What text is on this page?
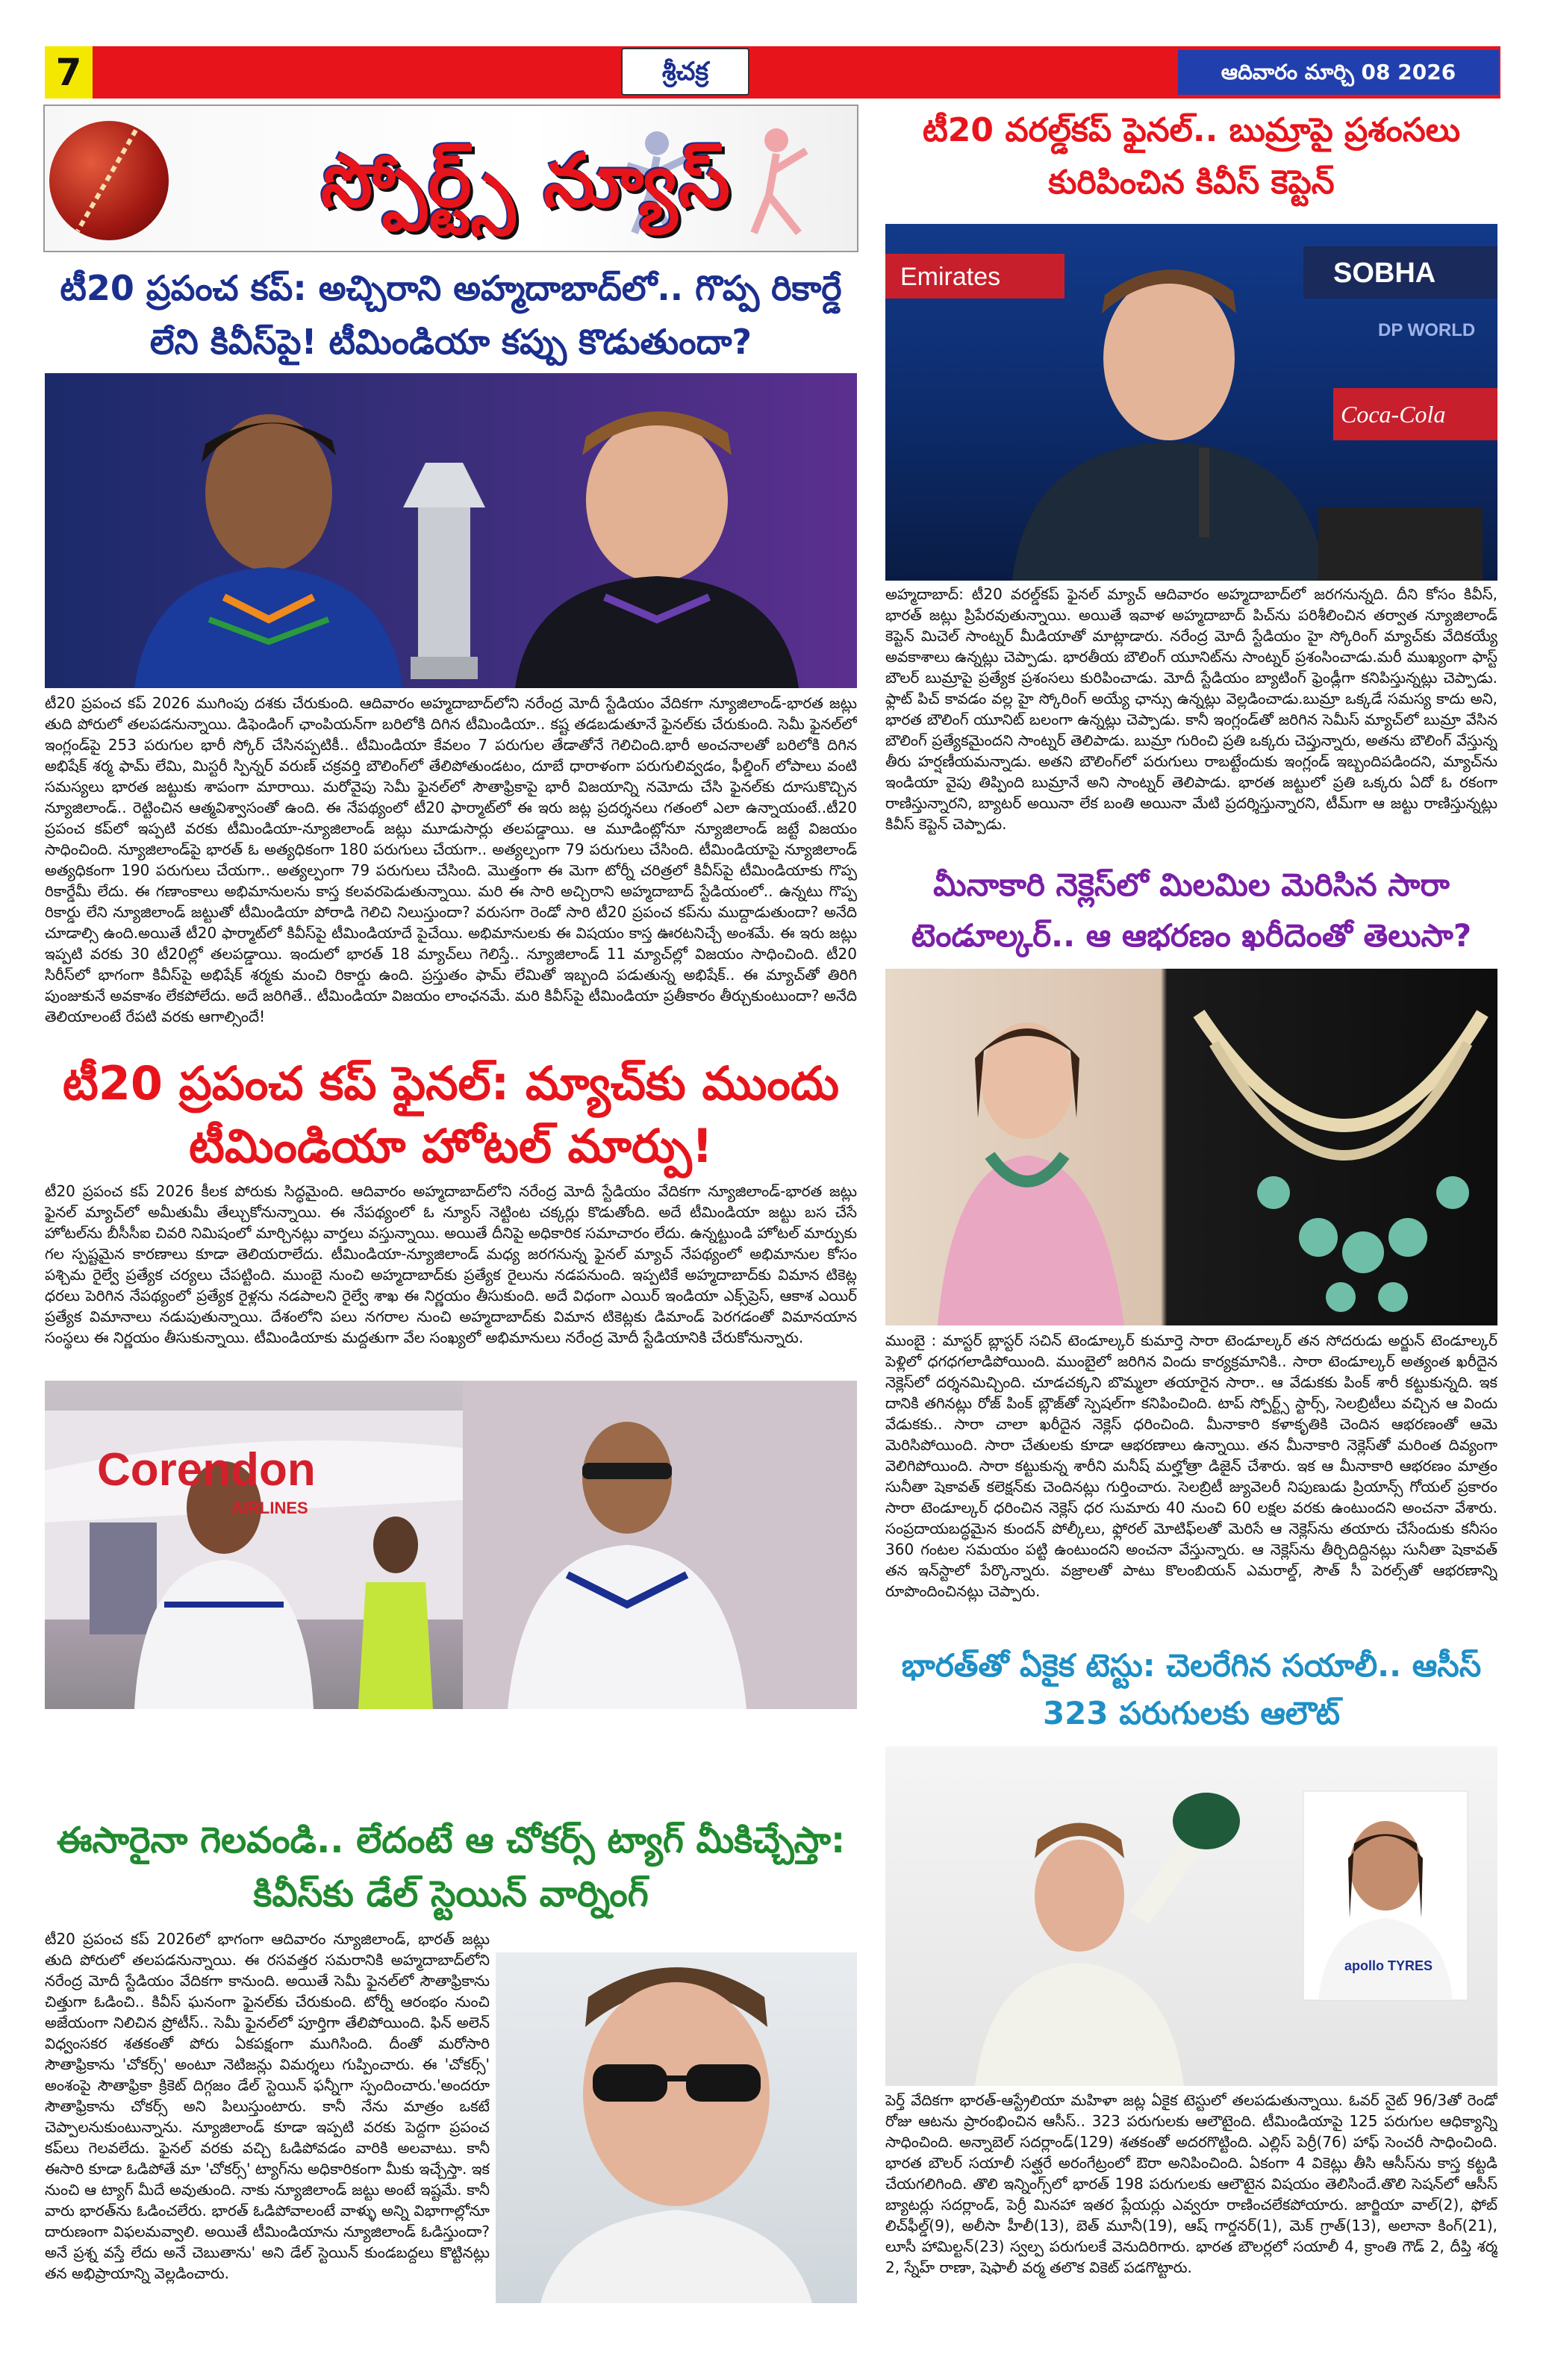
7	శ్రీచక్ర	ఆదివారం మార్చి 08 2026
స్పోర్ట్స్ న్యూస్
టీ20 ప్రపంచ కప్: అచ్చిరాని అహ్మదాబాద్‌లో.. గొప్ప రికార్డే లేని కివీస్‌పై! టీమిండియా కప్పు కొడుతుందా?
టీ20 ప్రపంచ కప్ 2026 ముగింపు దశకు చేరుకుంది. ఆదివారం అహ్మదాబాద్‌లోని నరేంద్ర మోదీ స్టేడియం వేదికగా న్యూజిలాండ్-భారత జట్లు తుది పోరులో తలపడనున్నాయి. డిఫెండింగ్ ఛాంపియన్‌గా బరిలోకి దిగిన టీమిండియా.. కష్ట తడబడుతూనే ఫైనల్‌కు చేరుకుంది. సెమీ ఫైనల్‌లో ఇంగ్లండ్‌పై 253 పరుగుల భారీ స్కోర్ చేసినప్పటికీ.. టీమిండియా కేవలం 7 పరుగుల తేడాతోనే గెలిచింది.భారీ అంచనాలతో బరిలోకి దిగిన అభిషేక్ శర్మ ఫామ్ లేమి, మిస్టరీ స్పిన్నర్ వరుణ్ చక్రవర్తి బౌలింగ్‌లో తేలిపోతుండటం, దూబే ధారాళంగా పరుగులివ్వడం, ఫీల్డింగ్ లోపాలు వంటి సమస్యలు భారత జట్టుకు శాపంగా మారాయి. మరోవైపు సెమీ ఫైనల్‌లో సౌతాఫ్రికాపై భారీ విజయాన్ని నమోదు చేసి ఫైనల్‌కు దూసుకొచ్చిన న్యూజిలాండ్.. రెట్టించిన ఆత్మవిశ్వాసంతో ఉంది. ఈ నేపథ్యంలో టీ20 ఫార్మాట్‌లో ఈ ఇరు జట్ల ప్రదర్శనలు గతంలో ఎలా ఉన్నాయంటే..టీ20 ప్రపంచ కప్‌లో ఇప్పటి వరకు టీమిండియా-న్యూజిలాండ్ జట్లు మూడుసార్లు తలపడ్డాయి. ఆ మూడింట్లోనూ న్యూజిలాండ్ జట్టే విజయం సాధించింది. న్యూజిలాండ్‌పై భారత్ ఓ అత్యధికంగా 180 పరుగులు చేయగా.. అత్యల్పంగా 79 పరుగులు చేసింది. టీమిండియాపై న్యూజిలాండ్ అత్యధికంగా 190 పరుగులు చేయగా.. అత్యల్పంగా 79 పరుగులు చేసింది. మొత్తంగా ఈ మెగా టోర్నీ చరిత్రలో కివీస్‌పై టీమిండియాకు గొప్ప రికార్డేమీ లేదు. ఈ గణాంకాలు అభిమానులను కాస్త కలవరపెడుతున్నాయి. మరి ఈ సారి అచ్చిరాని అహ్మదాబాద్ స్టేడియంలో.. ఉన్నటు గొప్ప రికార్డు లేని న్యూజిలాండ్ జట్టుతో టీమిండియా పోరాడి గెలిచి నిలుస్తుందా? వరుసగా రెండో సారి టీ20 ప్రపంచ కప్‌ను ముద్దాడుతుందా? అనేది చూడాల్సి ఉంది.అయితే టీ20 ఫార్మాట్‌లో కివీస్‌పై టీమిండియాదే పైచేయి. అభిమానులకు ఈ విషయం కాస్త ఊరటనిచ్చే అంశమే. ఈ ఇరు జట్లు ఇప్పటి వరకు 30 టీ20ల్లో తలపడ్డాయి. ఇందులో భారత్ 18 మ్యాచ్‌లు గెలిస్తే.. న్యూజిలాండ్ 11 మ్యాచ్‌ల్లో విజయం సాధించింది. టీ20 సిరీస్‌లో భాగంగా కివీస్‌పై అభిషేక్ శర్మకు మంచి రికార్డు ఉంది. ప్రస్తుతం ఫామ్ లేమితో ఇబ్బంది పడుతున్న అభిషేక్.. ఈ మ్యాచ్‌తో తిరిగి పుంజుకునే అవకాశం లేకపోలేదు. అదే జరిగితే.. టీమిండియా విజయం లాంఛనమే. మరి కివీస్‌పై టీమిండియా ప్రతీకారం తీర్చుకుంటుందా? అనేది తెలియాలంటే రేపటి వరకు ఆగాల్సిందే!
టీ20 ప్రపంచ కప్ ఫైనల్: మ్యాచ్‌కు ముందు టీమిండియా హోటల్ మార్పు!
టీ20 ప్రపంచ కప్ 2026 కీలక పోరుకు సిద్ధమైంది. ఆదివారం అహ్మదాబాద్‌లోని నరేంద్ర మోదీ స్టేడియం వేదికగా న్యూజిలాండ్-భారత జట్లు ఫైనల్ మ్యాచ్‌లో అమీతుమీ తేల్చుకోనున్నాయి. ఈ నేపథ్యంలో ఓ న్యూస్ నెట్టింట చక్కర్లు కొడుతోంది. అదే టీమిండియా జట్టు బస చేసే హోటల్‌ను బీసీసీఐ చివరి నిమిషంలో మార్చినట్లు వార్తలు వస్తున్నాయి. అయితే దీనిపై అధికారిక సమాచారం లేదు. ఉన్నట్టుండి హోటల్ మార్పుకు గల స్పష్టమైన కారణాలు కూడా తెలియరాలేదు. టీమిండియా-న్యూజిలాండ్ మధ్య జరగనున్న ఫైనల్ మ్యాచ్ నేపథ్యంలో అభిమానుల కోసం పశ్చిమ రైల్వే ప్రత్యేక చర్యలు చేపట్టింది. ముంబై నుంచి అహ్మదాబాద్‌కు ప్రత్యేక రైలును నడపనుంది. ఇప్పటికే అహ్మదాబాద్‌కు విమాన టికెట్ల ధరలు పెరిగిన నేపథ్యంలో ప్రత్యేక రైళ్లను నడపాలని రైల్వే శాఖ ఈ నిర్ణయం తీసుకుంది. అదే విధంగా ఎయిర్ ఇండియా ఎక్స్‌ప్రెస్, ఆకాశ ఎయిర్ ప్రత్యేక విమానాలు నడుపుతున్నాయి. దేశంలోని పలు నగరాల నుంచి అహ్మదాబాద్‌కు విమాన టికెట్లకు డిమాండ్ పెరగడంతో విమానయాన సంస్థలు ఈ నిర్ణయం తీసుకున్నాయి. టీమిండియాకు మద్దతుగా వేల సంఖ్యలో అభిమానులు నరేంద్ర మోదీ స్టేడియానికి చేరుకోనున్నారు.
Corendon
AIRLINES
ఈసారైనా గెలవండి.. లేదంటే ఆ చోకర్స్ ట్యాగ్ మీకిచ్చేస్తా: కివీస్‌కు డేల్ స్టెయిన్ వార్నింగ్
టీ20 ప్రపంచ కప్ 2026లో భాగంగా ఆదివారం న్యూజిలాండ్, భారత్ జట్లు తుది పోరులో తలపడనున్నాయి. ఈ రసవత్తర సమరానికి అహ్మదాబాద్‌లోని నరేంద్ర మోదీ స్టేడియం వేదికగా కానుంది. అయితే సెమీ ఫైనల్‌లో సౌతాఫ్రికాను చిత్తుగా ఓడించి.. కివీస్ ఘనంగా ఫైనల్‌కు చేరుకుంది. టోర్నీ ఆరంభం నుంచి అజేయంగా నిలిచిన ప్రోటీస్.. సెమీ ఫైనల్‌లో పూర్తిగా తేలిపోయింది. ఫిన్ అలెన్ విధ్వంసకర శతకంతో పోరు ఏకపక్షంగా ముగిసింది. దీంతో మరోసారి సౌతాఫ్రికాను 'చోకర్స్' అంటూ నెటిజన్లు విమర్శలు గుప్పించారు. ఈ 'చోకర్స్' అంశంపై సౌతాఫ్రికా క్రికెట్ దిగ్గజం డేల్ స్టెయిన్ ఫన్నీగా స్పందించారు.'అందరూ సౌతాఫ్రికాను చోకర్స్ అని పిలుస్తుంటారు. కానీ నేను మాత్రం ఒకటే చెప్పాలనుకుంటున్నాను. న్యూజిలాండ్ కూడా ఇప్పటి వరకు పెద్దగా ప్రపంచ కప్‌లు గెలవలేదు. ఫైనల్ వరకు వచ్చి ఓడిపోవడం వారికి అలవాటు. కానీ ఈసారి కూడా ఓడిపోతే మా 'చోకర్స్' ట్యాగ్‌ను అధికారికంగా మీకు ఇచ్చేస్తా. ఇక నుంచి ఆ ట్యాగ్ మీదే అవుతుంది. నాకు న్యూజిలాండ్ జట్టు అంటే ఇష్టమే. కానీ వారు భారత్‌ను ఓడించలేరు. భారత్ ఓడిపోవాలంటే వాళ్ళు అన్ని విభాగాల్లోనూ దారుణంగా విఫలమవ్వాలి. అయితే టీమిండియాను న్యూజిలాండ్ ఓడిస్తుందా? అనే ప్రశ్న వస్తే లేదు అనే చెబుతాను' అని డేల్ స్టెయిన్ కుండబద్దలు కొట్టినట్లు తన అభిప్రాయాన్ని వెల్లడించారు.
టీ20 వరల్డ్‌కప్ ఫైనల్.. బుమ్రాపై ప్రశంసలు కురిపించిన కివీస్ కెప్టెన్
Emirates	SOBHA
Coca-Cola
DP WORLD
అహ్మదాబాద్: టీ20 వరల్డ్‌కప్ ఫైనల్ మ్యాచ్ ఆదివారం అహ్మదాబాద్‌లో జరగనున్నది. దీని కోసం కివీస్, భారత్ జట్లు ప్రిపేరవుతున్నాయి. అయితే ఇవాళ అహ్మదాబాద్ పిచ్‌ను పరిశీలించిన తర్వాత న్యూజిలాండ్ కెప్టెన్ మిచెల్ సాంట్నర్ మీడియాతో మాట్లాడారు. నరేంద్ర మోదీ స్టేడియం హై స్కోరింగ్ మ్యాచ్‌కు వేదికయ్యే అవకాశాలు ఉన్నట్లు చెప్పాడు. భారతీయ బౌలింగ్ యూనిట్‌ను సాంట్నర్ ప్రశంసించాడు.మరీ ముఖ్యంగా ఫాస్ట్ బౌలర్ బుమ్రాపై ప్రత్యేక ప్రశంసలు కురిపించాడు. మోదీ స్టేడియం బ్యాటింగ్ ఫ్రెండ్లీగా కనిపిస్తున్నట్లు చెప్పాడు. ఫ్లాట్ పిచ్ కావడం వల్ల హై స్కోరింగ్ అయ్యే ఛాన్సు ఉన్నట్లు వెల్లడించాడు.బుమ్రా ఒక్కడే సమస్య కాదు అని, భారత బౌలింగ్ యూనిట్ బలంగా ఉన్నట్లు చెప్పాడు. కానీ ఇంగ్లండ్‌తో జరిగిన సెమీస్ మ్యాచ్‌లో బుమ్రా వేసిన బౌలింగ్ ప్రత్యేకమైందని సాంట్నర్ తెలిపాడు. బుమ్రా గురించి ప్రతి ఒక్కరు చెప్తున్నారు, అతను బౌలింగ్ వేస్తున్న తీరు హర్షణీయమన్నాడు. అతని బౌలింగ్‌లో పరుగులు రాబట్టేందుకు ఇంగ్లండ్ ఇబ్బందిపడిందని, మ్యాచ్‌ను ఇండియా వైపు తిప్పింది బుమ్రానే అని సాంట్నర్ తెలిపాడు. భారత జట్టులో ప్రతి ఒక్కరు ఏదో ఓ రకంగా రాణిస్తున్నారని, బ్యాటర్ అయినా లేక బంతి అయినా మేటి ప్రదర్శిస్తున్నారని, టీమ్‌గా ఆ జట్టు రాణిస్తున్నట్లు కివీస్ కెప్టెన్ చెప్పాడు.
మీనాకారి నెక్లెస్‌లో మిలమిల మెరిసిన సారా టెండూల్కర్.. ఆ ఆభరణం ఖరీదెంతో తెలుసా?
ముంబై : మాస్టర్ బ్లాస్టర్ సచిన్ టెండూల్కర్ కుమార్తె సారా టెండూల్కర్ తన సోదరుడు అర్జున్ టెండూల్కర్ పెళ్లిలో ధగధగలాడిపోయింది. ముంబైలో జరిగిన విందు కార్యక్రమానికి.. సారా టెండూల్కర్ అత్యంత ఖరీదైన నెక్లెస్‌లో దర్శనమిచ్చింది. చూడచక్కని బొమ్మలా తయారైన సారా.. ఆ వేడుకకు పింక్ శారీ కట్టుకున్నది. ఇక దానికి తగినట్లు రోజ్ పింక్ బ్లౌజ్‌తో స్పెషల్‌గా కనిపించింది. టాప్ స్పోర్ట్స్ స్టార్స్, సెలబ్రిటీలు వచ్చిన ఆ విందు వేడుకకు.. సారా చాలా ఖరీదైన నెక్లెస్ ధరించింది. మీనాకారి కళాకృతికి చెందిన ఆభరణంతో ఆమె మెరిసిపోయింది. సారా చేతులకు కూడా ఆభరణాలు ఉన్నాయి. తన మీనాకారి నెక్లెస్‌తో మరింత దివ్యంగా వెలిగిపోయింది. సారా కట్టుకున్న శారీని మనీష్ మల్హోత్రా డిజైన్ చేశారు. ఇక ఆ మీనాకారి ఆభరణం మాత్రం సునీతా షెకావత్ కలెక్షన్‌కు చెందినట్లు గుర్తించారు. సెలబ్రిటీ జ్యువెలరీ నిపుణుడు ప్రియాన్స్ గోయల్ ప్రకారం సారా టెండూల్కర్ ధరించిన నెక్లెస్ ధర సుమారు 40 నుంచి 60 లక్షల వరకు ఉంటుందని అంచనా వేశారు. సంప్రదాయబద్ధమైన కుందన్ పోల్కీలు, ఫ్లోరల్ మోటిఫ్‌లతో మెరిసే ఆ నెక్లెస్‌ను తయారు చేసేందుకు కనీసం 360 గంటల సమయం పట్టి ఉంటుందని అంచనా వేస్తున్నారు. ఆ నెక్లెస్‌ను తీర్చిదిద్దినట్లు సునీతా షెకావత్ తన ఇన్‌స్టాలో పేర్కొన్నారు. వజ్రాలతో పాటు కొలంబియన్ ఎమరాల్డ్, సౌత్ సీ పెరల్స్‌తో ఆభరణాన్ని రూపొందించినట్లు చెప్పారు.
భారత్‌తో ఏకైక టెస్టు: చెలరేగిన సయాలీ.. ఆసీస్ 323 పరుగులకు ఆలౌట్
apollo TYRES
పెర్త్ వేదికగా భారత్-ఆస్ట్రేలియా మహిళా జట్ల ఏకైక టెస్టులో తలపడుతున్నాయి. ఓవర్ నైట్ 96/3తో రెండో రోజు ఆటను ప్రారంభించిన ఆసీస్.. 323 పరుగులకు ఆలౌటైంది. టీమిండియాపై 125 పరుగుల ఆధిక్యాన్ని సాధించింది. అన్నాబెల్ సదర్లాండ్(129) శతకంతో అదరగొట్టింది. ఎల్లిస్ పెర్రీ(76) హాఫ్ సెంచరీ సాధించింది. భారత బౌలర్ సయాలీ సత్ఘరే అరంగేట్రంలో ఔరా అనిపించింది. ఏకంగా 4 వికెట్లు తీసి ఆసీస్‌ను కాస్త కట్టడి చేయగలిగింది. తొలి ఇన్నింగ్స్‌లో భారత్ 198 పరుగులకు ఆలౌటైన విషయం తెలిసిందే.తొలి సెషన్‌లో ఆసీస్ బ్యాటర్లు సదర్లాండ్, పెర్రీ మినహా ఇతర ప్లేయర్లు ఎవ్వరూ రాణించలేకపోయారు. జార్జియా వాల్(2), ఫోబ్ లిచ్‌ఫీల్డ్(9), అలీసా హీలీ(13), బెత్ మూనీ(19), ఆష్ గార్డనర్(1), మెక్ గ్రాత్(13), అలానా కింగ్(21), లూసీ హామిల్టన్(23) స్వల్ప పరుగులకే వెనుదిరిగారు. భారత బౌలర్లలో సయాలీ 4, క్రాంతి గౌడ్ 2, దీప్తి శర్మ 2, స్నేహ్ రాణా, షెఫాలీ వర్మ తలొక వికెట్ పడగొట్టారు.
